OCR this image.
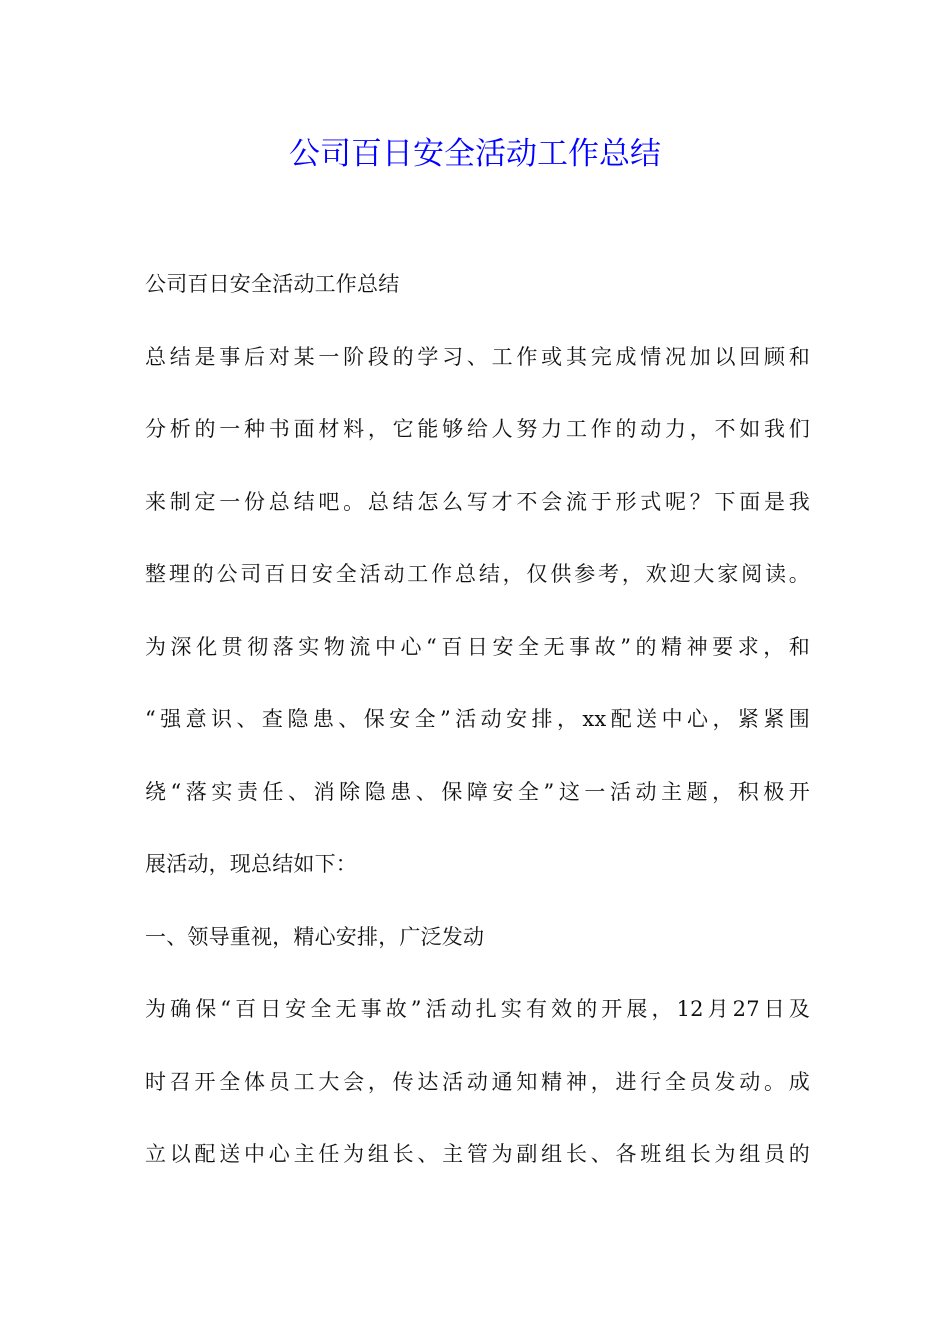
公司百日安全活动工作总结
公司百日安全活动工作总结
总结是事后对某一阶段的学习、工作或其完成情况加以回顾和
分析的一种书面材料，它能够给人努力工作的动力，不如我们
来制定一份总结吧。总结怎么写才不会流于形式呢？下面是我
整理的公司百日安全活动工作总结，仅供参考，欢迎大家阅读。
为深化贯彻落实物流中心“百日安全无事故”的精神要求，和
“强意识、查隐患、保安全”活动安排，xx配送中心，紧紧围
绕“落实责任、消除隐患、保障安全”这一活动主题，积极开
展活动，现总结如下：
一、领导重视，精心安排，广泛发动
为确保“百日安全无事故”活动扎实有效的开展，12月27日及
时召开全体员工大会，传达活动通知精神，进行全员发动。成
立以配送中心主任为组长、主管为副组长、各班组长为组员的
